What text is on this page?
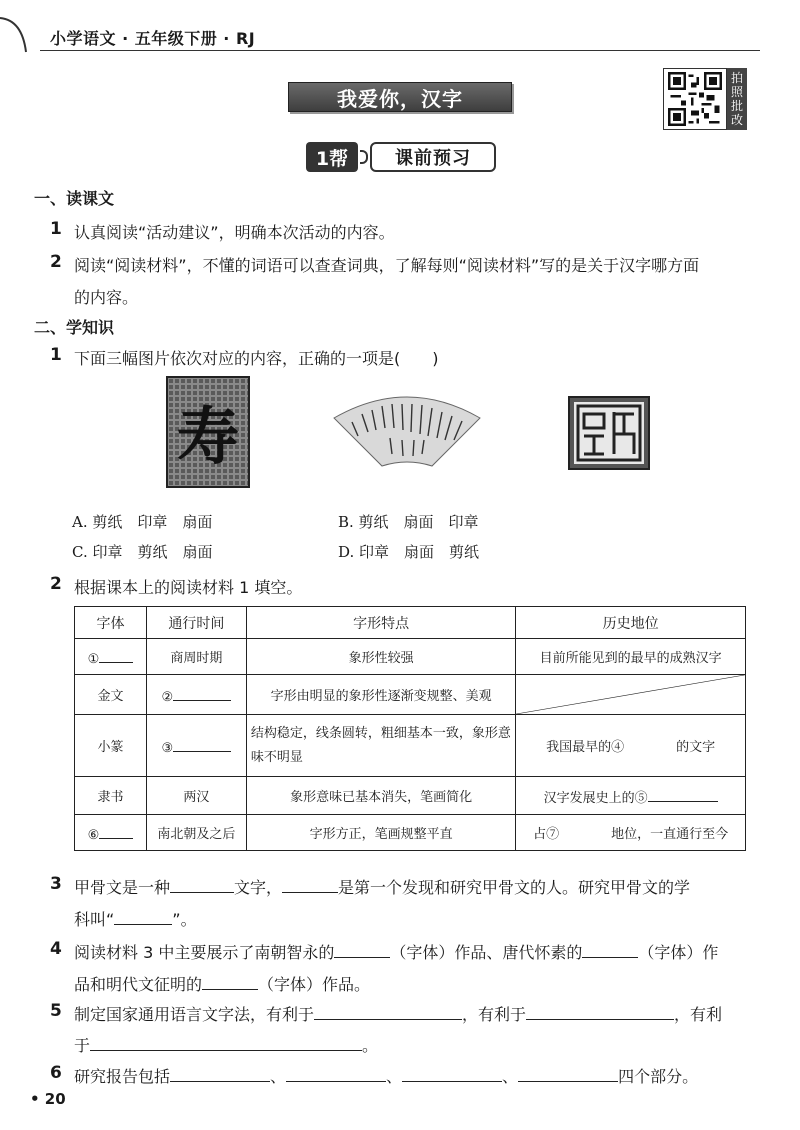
小学语文 · 五年级下册 · RJ
我爱你，汉字
拍照批改
1帮	课前预习
一、读课文
1 认真阅读“活动建议”，明确本次活动的内容。
2 阅读“阅读材料”，不懂的词语可以查查词典，了解每则“阅读材料”写的是关于汉字哪方面
的内容。
二、学知识
1 下面三幅图片依次对应的内容，正确的一项是(　　)
寿
A. 剪纸　印章　扇面	B. 剪纸　扇面　印章
C. 印章　剪纸　扇面	D. 印章　扇面　剪纸
2 根据课本上的阅读材料 1 填空。
字体	通行时间	字形特点	历史地位
①	商周时期	象形性较强	目前所能见到的最早的成熟汉字
金文	②	字形由明显的象形性逐渐变规整、美观	

小篆	③	结构稳定，线条圆转，粗细基本一致，象形意味不明显	我国最早的④　　　　的文字
隶书	两汉	象形意味已基本消失，笔画简化	汉字发展史上的⑤
⑥	南北朝及之后	字形方正，笔画规整平直	占⑦　　　　地位，一直通行至今
3 甲骨文是一种	文字，	是第一个发现和研究甲骨文的人。研究甲骨文的学
科叫“	”。
4 阅读材料 3 中主要展示了南朝智永的	（字体）作品、唐代怀素的	（字体）作
品和明代文征明的	（字体）作品。
5 制定国家通用语言文字法，有利于	，有利于	，有利
于	。
6 研究报告包括	、	、	、	四个部分。
• 20
